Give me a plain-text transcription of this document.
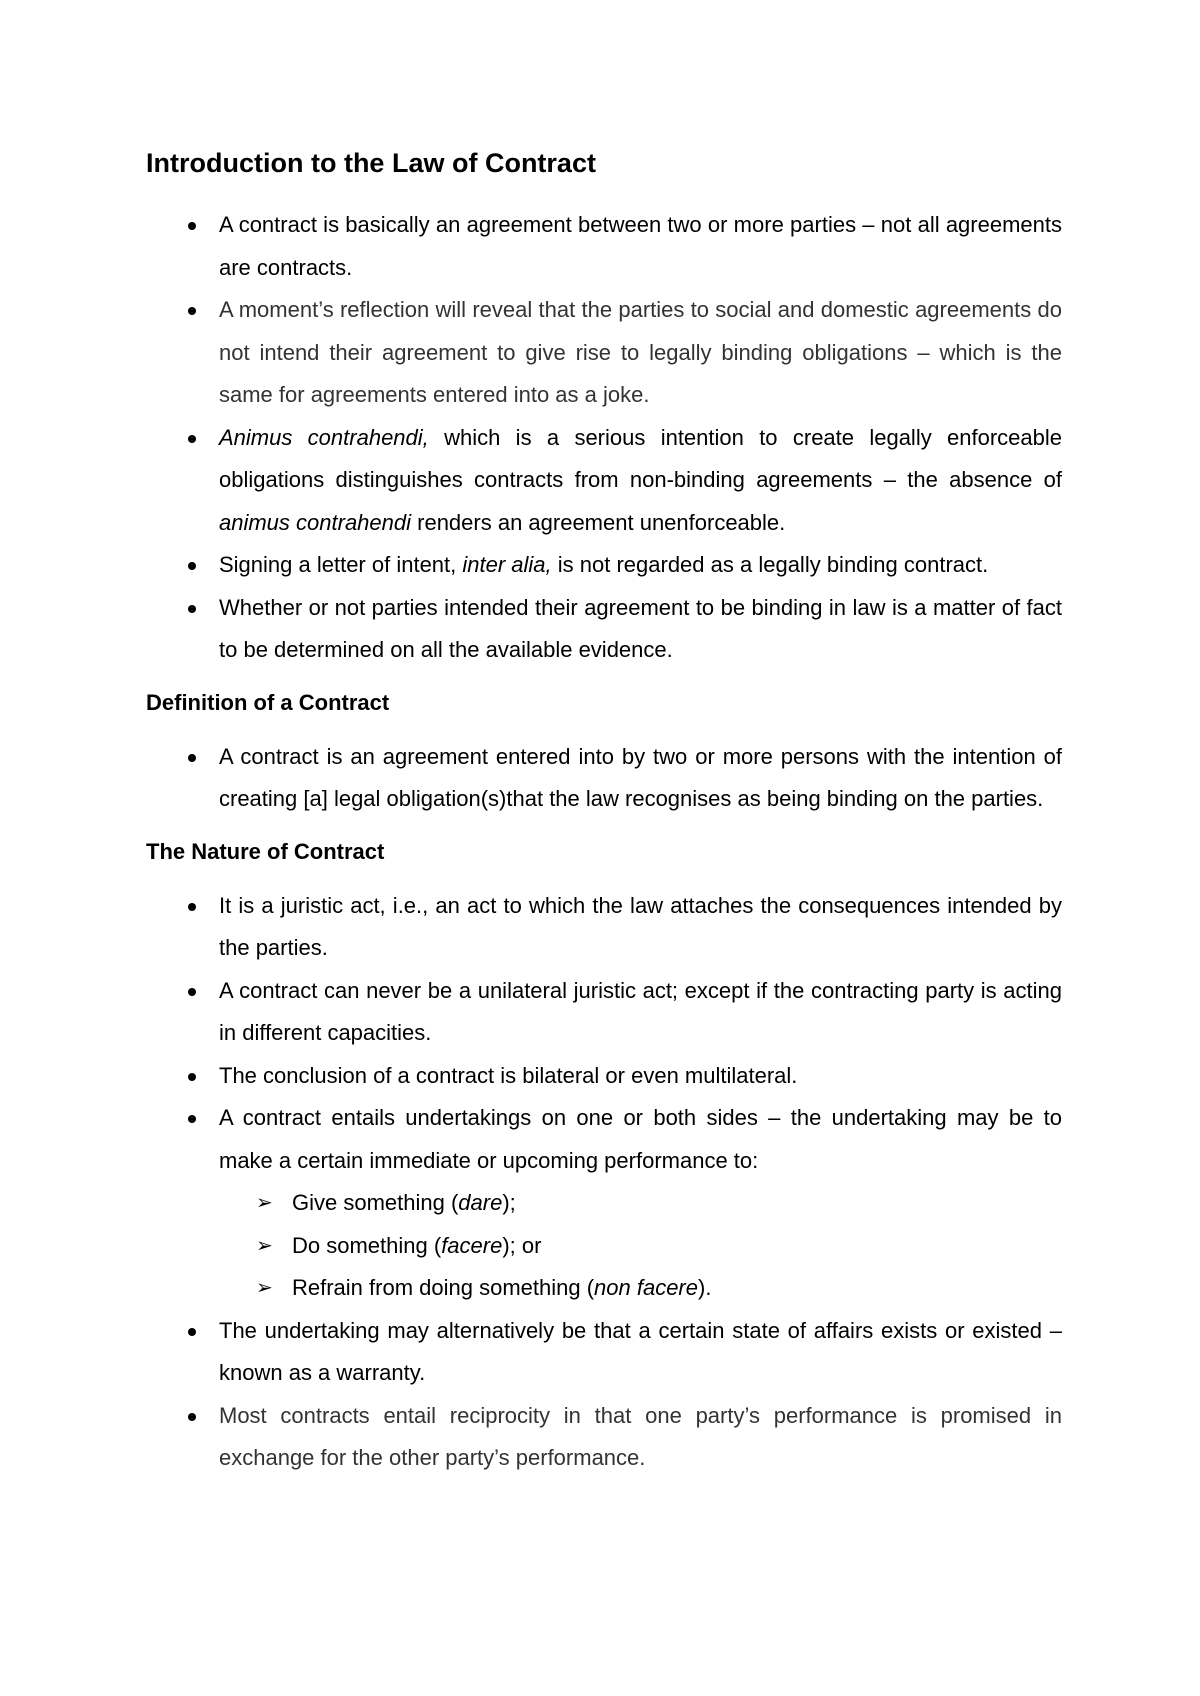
Introduction to the Law of Contract
A contract is basically an agreement between two or more parties – not all agreements are contracts.
A moment’s reflection will reveal that the parties to social and domestic agreements do not intend their agreement to give rise to legally binding obligations – which is the same for agreements entered into as a joke.
Animus contrahendi, which is a serious intention to create legally enforceable obligations distinguishes contracts from non-binding agreements – the absence of animus contrahendi renders an agreement unenforceable.
Signing a letter of intent, inter alia, is not regarded as a legally binding contract.
Whether or not parties intended their agreement to be binding in law is a matter of fact to be determined on all the available evidence.
Definition of a Contract
A contract is an agreement entered into by two or more persons with the intention of creating [a] legal obligation(s)that the law recognises as being binding on the parties.
The Nature of Contract
It is a juristic act, i.e., an act to which the law attaches the consequences intended by the parties.
A contract can never be a unilateral juristic act; except if the contracting party is acting in different capacities.
The conclusion of a contract is bilateral or even multilateral.
A contract entails undertakings on one or both sides – the undertaking may be to make a certain immediate or upcoming performance to:
➢ Give something (dare);
➢ Do something (facere); or
➢ Refrain from doing something (non facere).
The undertaking may alternatively be that a certain state of affairs exists or existed – known as a warranty.
Most contracts entail reciprocity in that one party’s performance is promised in exchange for the other party’s performance.
